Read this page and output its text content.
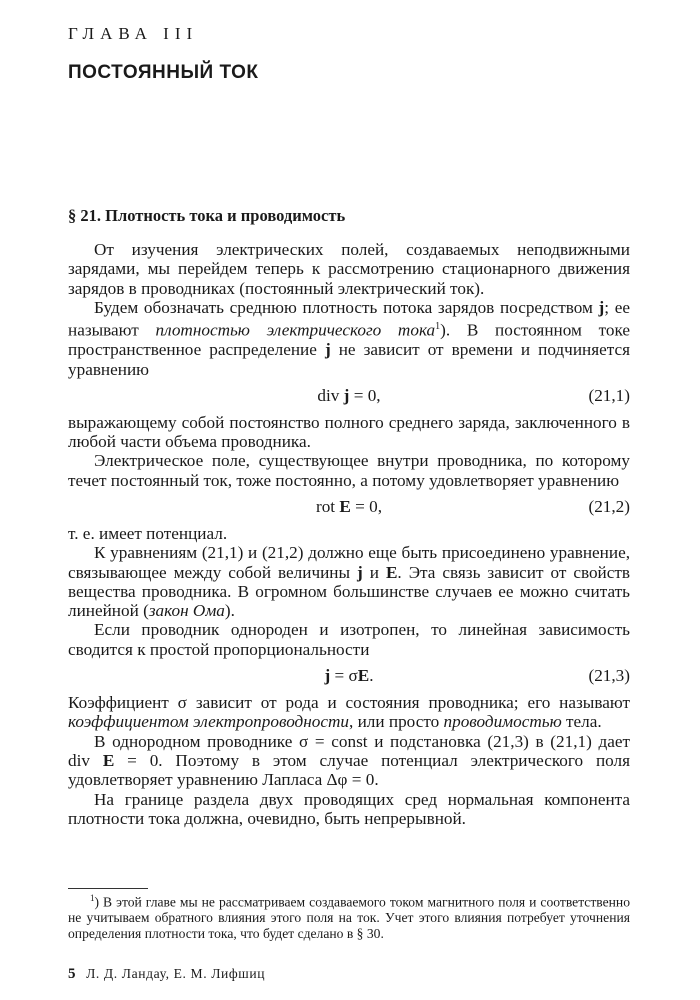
ГЛАВА III
ПОСТОЯННЫЙ ТОК
§ 21. Плотность тока и проводимость

От изучения электрических полей, создаваемых неподвижными зарядами, мы перейдем теперь к рассмотрению стационарного движения зарядов в проводниках (постоянный электрический ток).

Будем обозначать среднюю плотность потока зарядов посредством j; ее называют плотностью электрического тока$^1$). В постоянном токе пространственное распределение j не зависит от времени и подчиняется уравнению

div j = 0,	(21,1)

выражающему собой постоянство полного среднего заряда, заключенного в любой части объема проводника.

Электрическое поле, существующее внутри проводника, по которому течет постоянный ток, тоже постоянно, а потому удовлетворяет уравнению

rot E = 0,	(21,2)

т. е. имеет потенциал.

К уравнениям (21,1) и (21,2) должно еще быть присоединено уравнение, связывающее между собой величины j и E. Эта связь зависит от свойств вещества проводника. В огромном большинстве случаев ее можно считать линейной (закон Ома).

Если проводник однороден и изотропен, то линейная зависимость сводится к простой пропорциональности

j = σE.	(21,3)

Коэффициент σ зависит от рода и состояния проводника; его называют коэффициентом электропроводности, или просто проводимостью тела.

В однородном проводнике σ = const и подстановка (21,3) в (21,1) дает div E = 0. Поэтому в этом случае потенциал электрического поля удовлетворяет уравнению Лапласа Δφ = 0.

На границе раздела двух проводящих сред нормальная компонента плотности тока должна, очевидно, быть непрерывной.

$^1$) В этой главе мы не рассматриваем создаваемого током магнитного поля и соответственно не учитываем обратного влияния этого поля на ток. Учет этого влияния потребует уточнения определения плотности тока, что будет сделано в § 30.

5 Л. Д. Ландау, Е. М. Лифшиц
